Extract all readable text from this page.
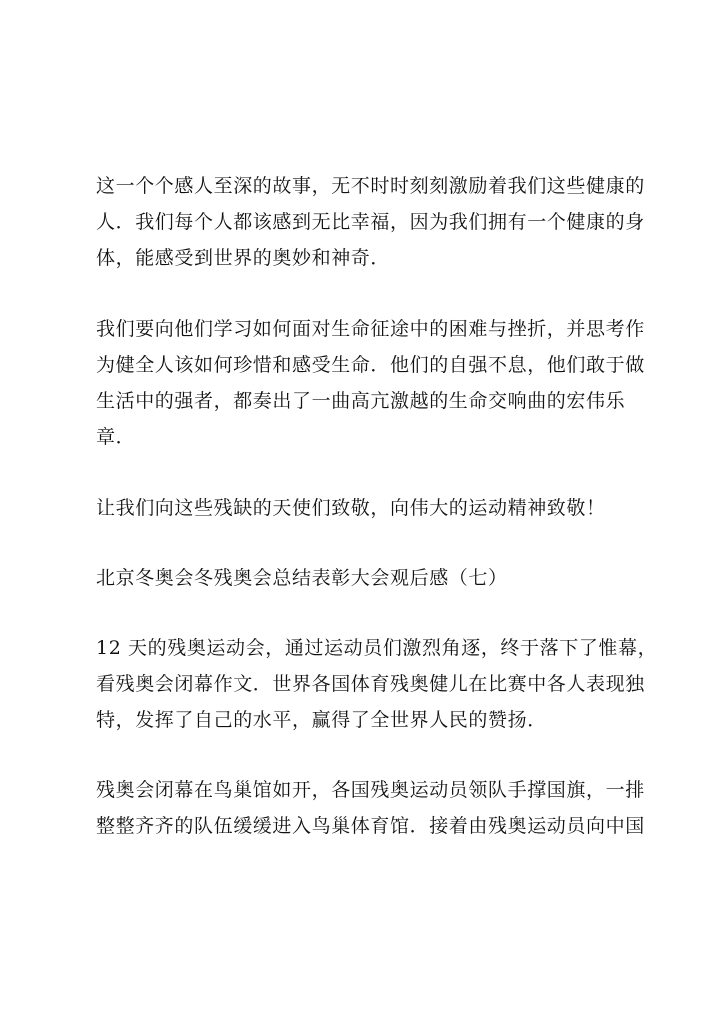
这一个个感人至深的故事，无不时时刻刻激励着我们这些健康的
人．我们每个人都该感到无比幸福，因为我们拥有一个健康的身
体，能感受到世界的奥妙和神奇．

我们要向他们学习如何面对生命征途中的困难与挫折，并思考作
为健全人该如何珍惜和感受生命．他们的自强不息，他们敢于做
生活中的强者，都奏出了一曲高亢激越的生命交响曲的宏伟乐
章．

让我们向这些残缺的天使们致敬，向伟大的运动精神致敬！

北京冬奥会冬残奥会总结表彰大会观后感（七）

12 天的残奥运动会，通过运动员们激烈角逐，终于落下了惟幕，
看残奥会闭幕作文．世界各国体育残奥健儿在比赛中各人表现独
特，发挥了自己的水平，赢得了全世界人民的赞扬．

残奥会闭幕在鸟巢馆如开，各国残奥运动员领队手撑国旗，一排
整整齐齐的队伍缓缓进入鸟巢体育馆．接着由残奥运动员向中国
